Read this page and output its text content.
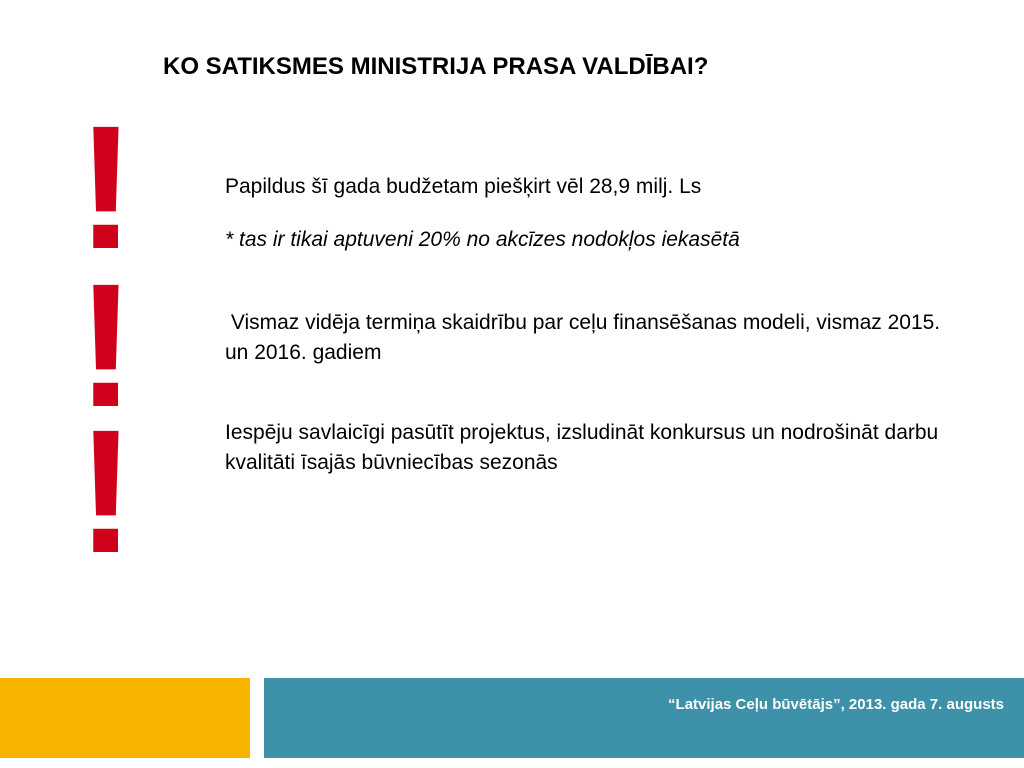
KO SATIKSMES MINISTRIJA PRASA VALDĪBAI?
!
!
!

Papildus šī gada budžetam piešķirt vēl 28,9 milj. Ls

* tas ir tikai aptuveni 20% no akcīzes nodokļos iekasētā

Vismaz vidēja termiņa skaidrību par ceļu finansēšanas modeli, vismaz 2015. un 2016. gadiem

Iespēju savlaicīgi pasūtīt projektus, izsludināt konkursus un nodrošināt darbu kvalitāti īsajās būvniecības sezonās

“Latvijas Ceļu būvētājs”, 2013. gada 7. augusts
